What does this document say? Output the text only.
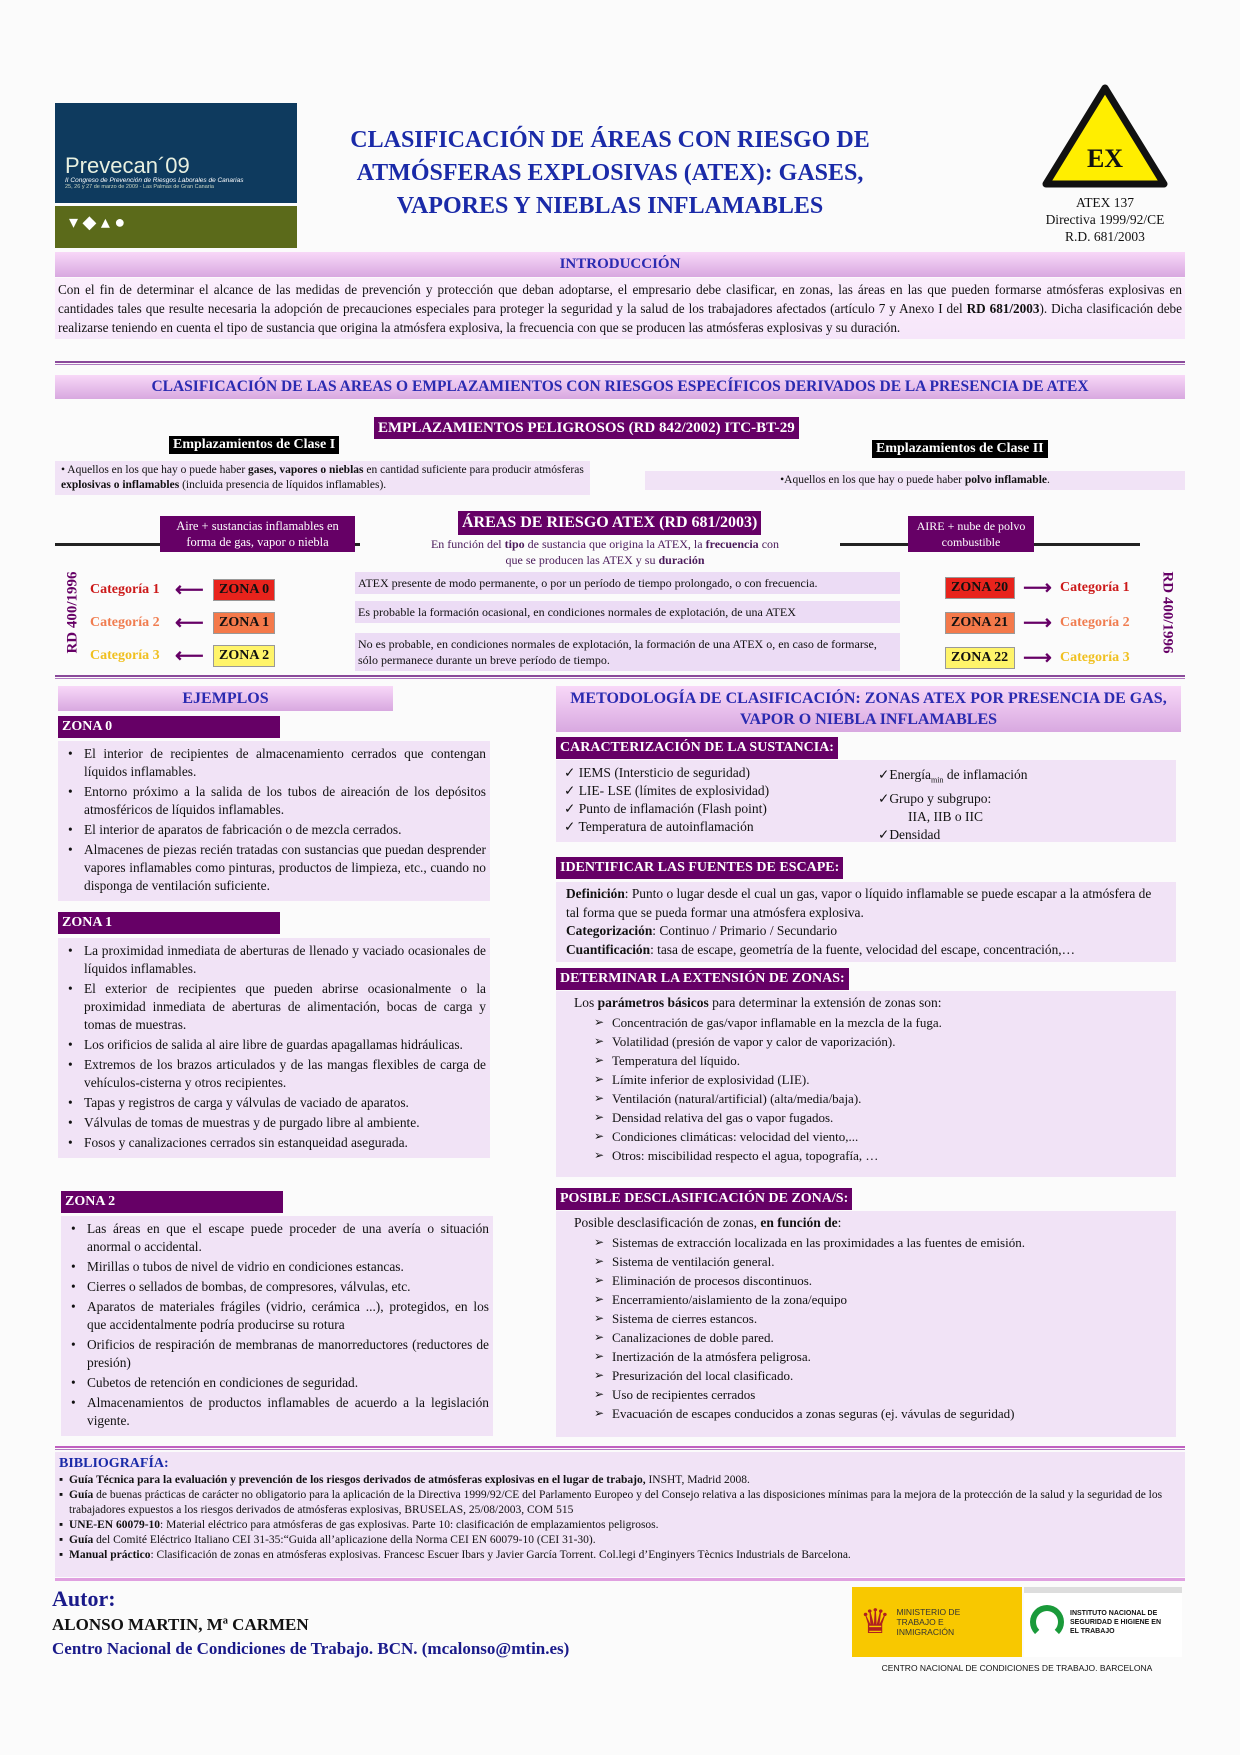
Prevecan´09
II Congreso de Prevención de Riesgos Laborales de Canarias
25, 26 y 27 de marzo de 2009 - Las Palmas de Gran Canaria
▾ ◆ ▴ ●
CLASIFICACIÓN DE ÁREAS CON RIESGO DE
ATMÓSFERAS EXPLOSIVAS (ATEX): GASES,
VAPORES Y NIEBLAS INFLAMABLES
EX
ATEX 137
Directiva 1999/92/CE
R.D. 681/2003
INTRODUCCIÓN
Con el fin de determinar el alcance de las medidas de prevención y protección que deban adoptarse, el empresario debe clasificar, en zonas, las áreas en las que pueden formarse atmósferas explosivas en cantidades tales que resulte necesaria la adopción de precauciones especiales para proteger la seguridad y la salud de los trabajadores afectados (artículo 7 y Anexo I del RD 681/2003). Dicha clasificación debe realizarse teniendo en cuenta el tipo de sustancia que origina la atmósfera explosiva, la frecuencia con que se producen las atmósferas explosivas y su duración.
CLASIFICACIÓN DE LAS AREAS O EMPLAZAMIENTOS CON RIESGOS ESPECÍFICOS DERIVADOS DE LA PRESENCIA DE ATEX
EMPLAZAMIENTOS PELIGROSOS (RD 842/2002) ITC-BT-29
Emplazamientos de Clase I
• Aquellos en los que hay o puede haber gases, vapores o nieblas en cantidad suficiente para producir atmósferas explosivas o inflamables (incluida presencia de líquidos inflamables).
Emplazamientos de Clase II
•Aquellos en los que hay o puede haber polvo inflamable.
Aire + sustancias inflamables en forma de gas, vapor o niebla
AIRE + nube de polvo combustible
ÁREAS DE RIESGO ATEX (RD 681/2003)
En función del tipo de sustancia que origina la ATEX, la frecuencia con que se producen las ATEX y su duración
RD 400/1996	RD 400/1996
Categoría 1 ⟵	ZONA 0
Categoría 2 ⟵	ZONA 1
Categoría 3 ⟵	ZONA 2
ATEX presente de modo permanente, o por un período de tiempo prolongado, o con frecuencia.
Es probable la formación ocasional, en condiciones normales de explotación, de una ATEX
No es probable, en condiciones normales de explotación, la formación de una ATEX o, en caso de formarse, sólo permanece durante un breve período de tiempo.
ZONA 20 ⟶ Categoría 1
ZONA 21 ⟶ Categoría 2
ZONA 22 ⟶ Categoría 3
EJEMPLOS
ZONA 0
• El interior de recipientes de almacenamiento cerrados que contengan líquidos inflamables.
• Entorno próximo a la salida de los tubos de aireación de los depósitos atmosféricos de líquidos inflamables.
• El interior de aparatos de fabricación o de mezcla cerrados.
• Almacenes de piezas recién tratadas con sustancias que puedan desprender vapores inflamables como pinturas, productos de limpieza, etc., cuando no disponga de ventilación suficiente.
ZONA 1
• La proximidad inmediata de aberturas de llenado y vaciado ocasionales de líquidos inflamables.
• El exterior de recipientes que pueden abrirse ocasionalmente o la proximidad inmediata de aberturas de alimentación, bocas de carga y tomas de muestras.
• Los orificios de salida al aire libre de guardas apagallamas hidráulicas.
• Extremos de los brazos articulados y de las mangas flexibles de carga de vehículos-cisterna y otros recipientes.
• Tapas y registros de carga y válvulas de vaciado de aparatos.
• Válvulas de tomas de muestras y de purgado libre al ambiente.
• Fosos y canalizaciones cerrados sin estanqueidad asegurada.
ZONA 2
• Las áreas en que el escape puede proceder de una avería o situación anormal o accidental.
• Mirillas o tubos de nivel de vidrio en condiciones estancas.
• Cierres o sellados de bombas, de compresores, válvulas, etc.
• Aparatos de materiales frágiles (vidrio, cerámica ...), protegidos, en los que accidentalmente podría producirse su rotura
• Orificios de respiración de membranas de manorreductores (reductores de presión)
• Cubetos de retención en condiciones de seguridad.
• Almacenamientos de productos inflamables de acuerdo a la legislación vigente.
METODOLOGÍA DE CLASIFICACIÓN: ZONAS ATEX POR PRESENCIA DE GAS, VAPOR O NIEBLA INFLAMABLES
CARACTERIZACIÓN DE LA SUSTANCIA:
✓ IEMS (Intersticio de seguridad)
✓ LIE- LSE (límites de explosividad)
✓ Punto de inflamación (Flash point)
✓ Temperatura de autoinflamación
✓Energía$_{min}$ de inflamación
✓Grupo y subgrupo:
IIA, IIB o IIC
✓Densidad
IDENTIFICAR LAS FUENTES DE ESCAPE:
Definición: Punto o lugar desde el cual un gas, vapor o líquido inflamable se puede escapar a la atmósfera de tal forma que se pueda formar una atmósfera explosiva.
Categorización: Continuo / Primario / Secundario
Cuantificación: tasa de escape, geometría de la fuente, velocidad del escape, concentración,…
DETERMINAR LA EXTENSIÓN DE ZONAS:
Los parámetros básicos para determinar la extensión de zonas son:
➢ Concentración de gas/vapor inflamable en la mezcla de la fuga.
➢ Volatilidad (presión de vapor y calor de vaporización).
➢ Temperatura del líquido.
➢ Límite inferior de explosividad (LIE).
➢ Ventilación (natural/artificial) (alta/media/baja).
➢ Densidad relativa del gas o vapor fugados.
➢ Condiciones climáticas: velocidad del viento,...
➢ Otros: miscibilidad respecto el agua, topografía, …
POSIBLE DESCLASIFICACIÓN DE ZONA/S:
Posible desclasificación de zonas, en función de:
➢ Sistemas de extracción localizada en las proximidades a las fuentes de emisión.
➢ Sistema de ventilación general.
➢ Eliminación de procesos discontinuos.
➢ Encerramiento/aislamiento de la zona/equipo
➢ Sistema de cierres estancos.
➢ Canalizaciones de doble pared.
➢ Inertización de la atmósfera peligrosa.
➢ Presurización del local clasificado.
➢ Uso de recipientes cerrados
➢ Evacuación de escapes conducidos a zonas seguras (ej. vávulas de seguridad)
BIBLIOGRAFÍA:
▪ Guía Técnica para la evaluación y prevención de los riesgos derivados de atmósferas explosivas en el lugar de trabajo, INSHT, Madrid 2008.
▪ Guía de buenas prácticas de carácter no obligatorio para la aplicación de la Directiva 1999/92/CE del Parlamento Europeo y del Consejo relativa a las disposiciones mínimas para la mejora de la protección de la salud y la seguridad de los trabajadores expuestos a los riesgos derivados de atmósferas explosivas, BRUSELAS, 25/08/2003, COM 515
▪ UNE-EN 60079-10: Material eléctrico para atmósferas de gas explosivas. Parte 10: clasificación de emplazamientos peligrosos.
▪ Guía del Comité Eléctrico Italiano CEI 31-35:“Guida all’aplicazione della Norma CEI EN 60079-10 (CEI 31-30).
▪ Manual práctico: Clasificación de zonas en atmósferas explosivas. Francesc Escuer Ibars y Javier García Torrent. Col.legi d’Enginyers Tècnics Industrials de Barcelona.
Autor:
ALONSO MARTIN, Mª CARMEN
Centro Nacional de Condiciones de Trabajo. BCN. (mcalonso@mtin.es)
♛ MINISTERIO DE TRABAJO E INMIGRACIÓN
INSTITUTO NACIONAL DE SEGURIDAD E HIGIENE EN EL TRABAJO
CENTRO NACIONAL DE CONDICIONES DE TRABAJO. BARCELONA
